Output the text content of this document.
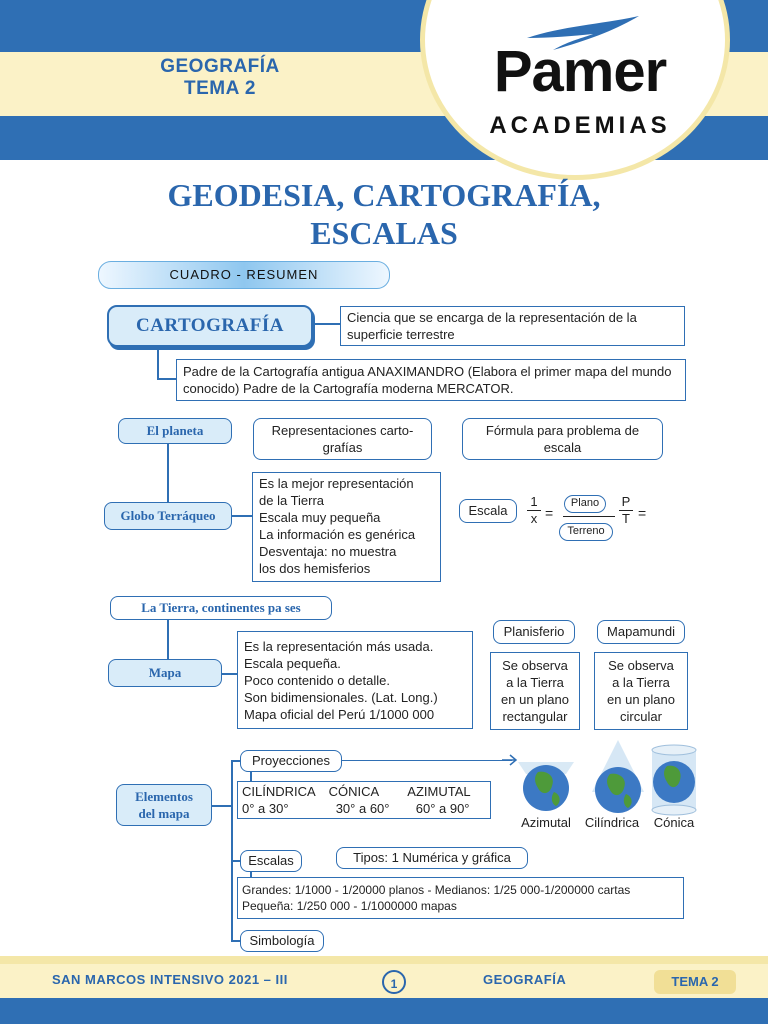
GEOGRAFÍA
TEMA 2	Pamer
ACADEMIAS
GEODESIA, CARTOGRAFÍA,
ESCALAS
CUADRO - RESUMEN
CARTOGRAFÍA	Ciencia que se encarga de la representación de la superficie terrestre
Padre de la Cartografía antigua ANAXIMANDRO (Elabora el primer mapa del mundo conocido) Padre de la Cartografía moderna MERCATOR.
El planeta	Representaciones carto-grafías
Fórmula para problema de escala
Globo Terráqueo
Es la mejor representación
de la Tierra
Escala muy pequeña
La información es genérica
Desventaja: no muestra
los dos hemisferios
Escala	$\frac{1}{x}$ =
Plano
Terreno
$\frac{P}{T}$ =
La Tierra, continentes pa ses
Mapa
Es la representación más usada.
Escala pequeña.
Poco contenido o detalle.
Son bidimensionales. (Lat. Long.)
Mapa oficial del Perú 1/1000 000
Planisferio	Mapamundi
Se observa
a la Tierra
en un plano
rectangular
Se observa
a la Tierra
en un plano
circular
Elementos
del mapa
Proyecciones
CILÍNDRICA CÓNICA	AZIMUTAL
0° a 30°	30° a 60°	60° a 90°
Azimutal	Cilíndrica	Cónica
Escalas	Tipos: 1 Numérica y gráfica
Grandes: 1/1000 - 1/20000 planos - Medianos: 1/25 000-1/200000 cartas
Pequeña: 1/250 000 - 1/1000000 mapas
Simbología
SAN MARCOS INTENSIVO 2021 – III	1	GEOGRAFÍA	TEMA 2
